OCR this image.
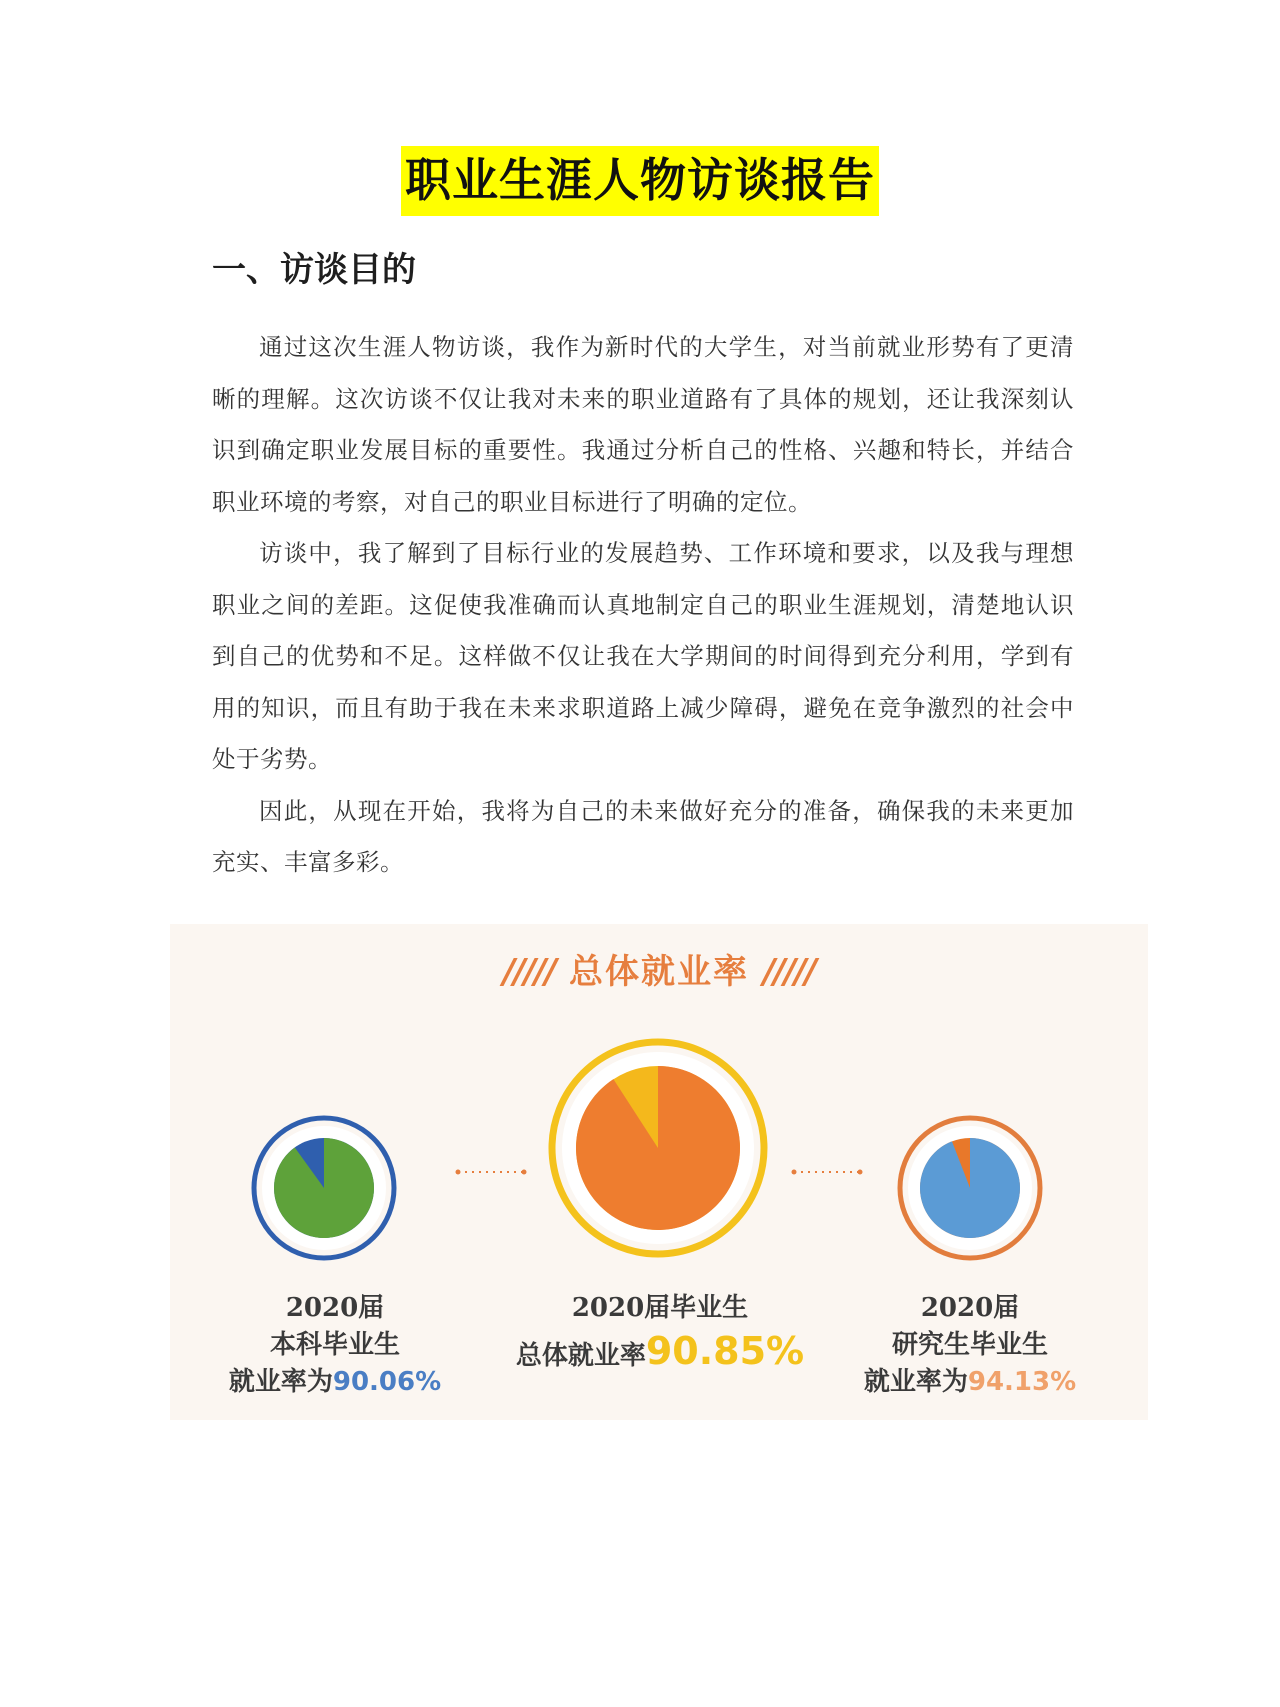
职业生涯人物访谈报告
一、访谈目的

通过这次生涯人物访谈，我作为新时代的大学生，对当前就业形势有了更清晰的理解。这次访谈不仅让我对未来的职业道路有了具体的规划，还让我深刻认识到确定职业发展目标的重要性。我通过分析自己的性格、兴趣和特长，并结合职业环境的考察，对自己的职业目标进行了明确的定位。

访谈中，我了解到了目标行业的发展趋势、工作环境和要求，以及我与理想职业之间的差距。这促使我准确而认真地制定自己的职业生涯规划，清楚地认识到自己的优势和不足。这样做不仅让我在大学期间的时间得到充分利用，学到有用的知识，而且有助于我在未来求职道路上减少障碍，避免在竞争激烈的社会中处于劣势。

因此，从现在开始，我将为自己的未来做好充分的准备，确保我的未来更加充实、丰富多彩。

///// 总体就业率 /////
2020届
本科毕业生
就业率为90.06%
2020届毕业生
总体就业率90.85%
2020届
研究生毕业生
就业率为94.13%
